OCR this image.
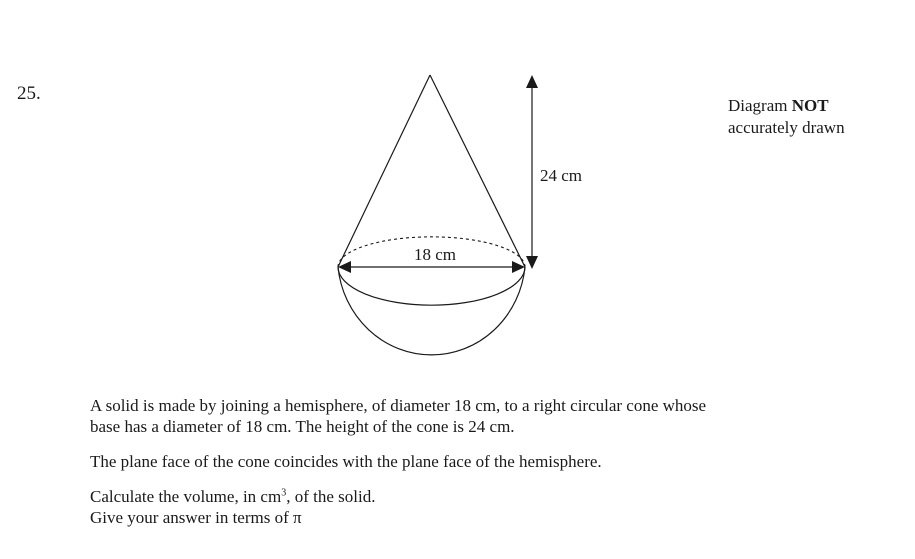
25.
18 cm
24 cm
Diagram NOT
accurately drawn

A solid is made by joining a hemisphere, of diameter 18 cm, to a right circular cone whose
base has a diameter of 18 cm. The height of the cone is 24 cm.

The plane face of the cone coincides with the plane face of the hemisphere.

Calculate the volume, in $cm^3$, of the solid.
Give your answer in terms of π
